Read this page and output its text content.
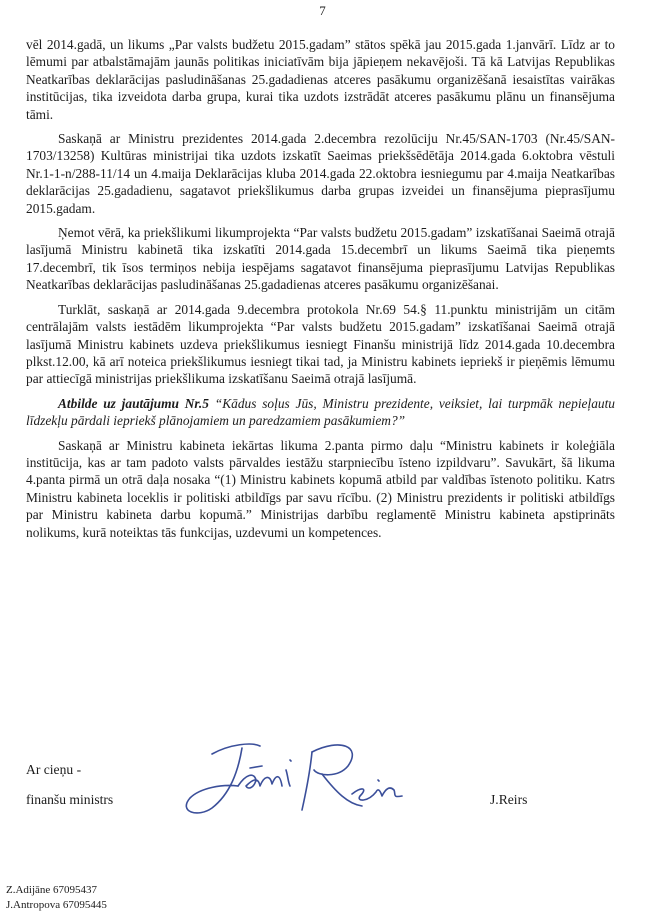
7

vēl 2014.gadā, un likums „Par valsts budžetu 2015.gadam” stātos spēkā jau 2015.gada 1.janvārī. Līdz ar to lēmumi par atbalstāmajām jaunās politikas iniciatīvām bija jāpieņem nekavējoši. Tā kā Latvijas Republikas Neatkarības deklarācijas pasludināšanas 25.gadadienas atceres pasākumu organizēšanā iesaistītas vairākas institūcijas, tika izveidota darba grupa, kurai tika uzdots izstrādāt atceres pasākumu plānu un finansējuma tāmi.

Saskaņā ar Ministru prezidentes 2014.gada 2.decembra rezolūciju Nr.45/SAN-1703 (Nr.45/SAN-1703/13258) Kultūras ministrijai tika uzdots izskatīt Saeimas priekšsēdētāja 2014.gada 6.oktobra vēstuli Nr.1-1-n/288-11/14 un 4.maija Deklarācijas kluba 2014.gada 22.oktobra iesniegumu par 4.maija Neatkarības deklarācijas 25.gadadienu, sagatavot priekšlikumus darba grupas izveidei un finansējuma pieprasījumu 2015.gadam.

Ņemot vērā, ka priekšlikumi likumprojekta “Par valsts budžetu 2015.gadam” izskatīšanai Saeimā otrajā lasījumā Ministru kabinetā tika izskatīti 2014.gada 15.decembrī un likums Saeimā tika pieņemts 17.decembrī, tik īsos termiņos nebija iespējams sagatavot finansējuma pieprasījumu Latvijas Republikas Neatkarības deklarācijas pasludināšanas 25.gadadienas atceres pasākumu organizēšanai.

Turklāt, saskaņā ar 2014.gada 9.decembra protokola Nr.69 54.§ 11.punktu ministrijām un citām centrālajām valsts iestādēm likumprojekta “Par valsts budžetu 2015.gadam” izskatīšanai Saeimā otrajā lasījumā Ministru kabinets uzdeva priekšlikumus iesniegt Finanšu ministrijā līdz 2014.gada 10.decembra plkst.12.00, kā arī noteica priekšlikumus iesniegt tikai tad, ja Ministru kabinets iepriekš ir pieņēmis lēmumu par attiecīgā ministrijas priekšlikuma izskatīšanu Saeimā otrajā lasījumā.

Atbilde uz jautājumu Nr.5 “Kādus soļus Jūs, Ministru prezidente, veiksiet, lai turpmāk nepieļautu līdzekļu pārdali iepriekš plānojamiem un paredzamiem pasākumiem?”

Saskaņā ar Ministru kabineta iekārtas likuma 2.panta pirmo daļu “Ministru kabinets ir koleģiāla institūcija, kas ar tam padoto valsts pārvaldes iestāžu starpniecību īsteno izpildvaru”. Savukārt, šā likuma 4.panta pirmā un otrā daļa nosaka “(1) Ministru kabinets kopumā atbild par valdības īstenoto politiku. Katrs Ministru kabineta loceklis ir politiski atbildīgs par savu rīcību. (2) Ministru prezidents ir politiski atbildīgs par Ministru kabineta darbu kopumā.” Ministrijas darbību reglamentē Ministru kabineta apstiprināts nolikums, kurā noteiktas tās funkcijas, uzdevumi un kompetences.

Ar cieņu -
finanšu ministrs	J.Reirs
Z.Adijāne 67095437
J.Antropova 67095445
